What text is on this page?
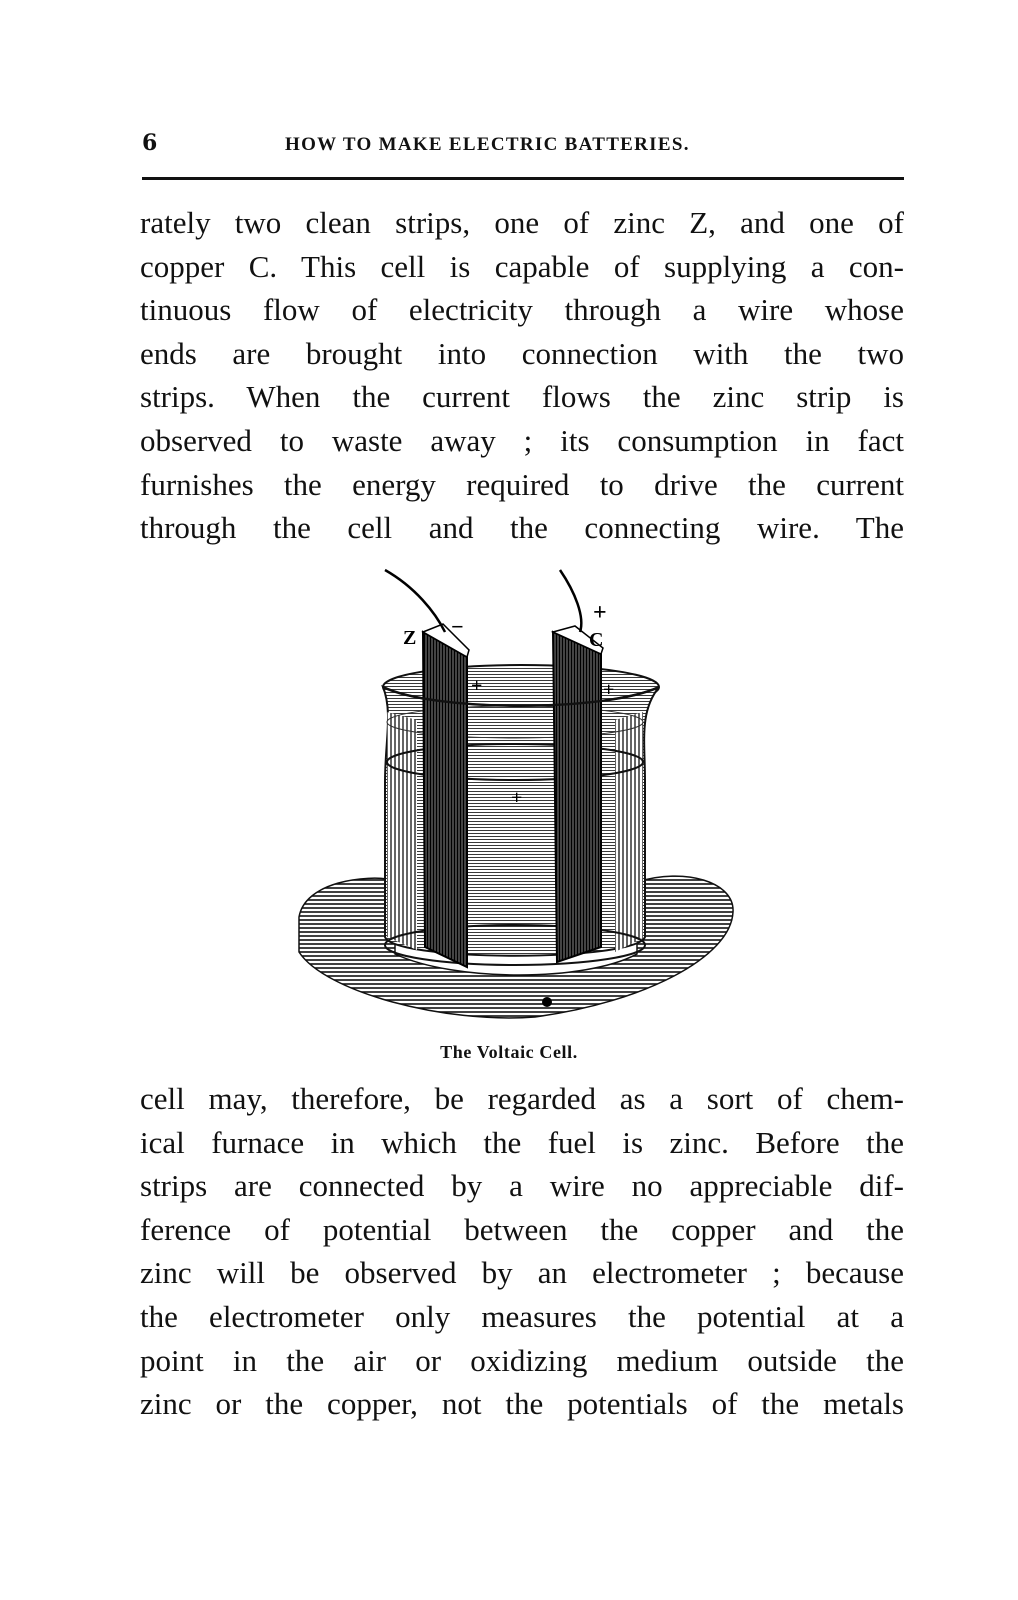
6	HOW TO MAKE ELECTRIC BATTERIES.
rately two clean strips, one of zinc Z, and one of
copper C. This cell is capable of supplying a con-
tinuous flow of electricity through a wire whose
ends are brought into connection with the two
strips. When the current flows the zinc strip is
observed to waste away ; its consumption in fact
furnishes the energy required to drive the current
through the cell and the connecting wire. The
Z −
+
C
+	+
+
The Voltaic Cell.
cell may, therefore, be regarded as a sort of chem-
ical furnace in which the fuel is zinc. Before the
strips are connected by a wire no appreciable dif-
ference of potential between the copper and the
zinc will be observed by an electrometer ; because
the electrometer only measures the potential at a
point in the air or oxidizing medium outside the
zinc or the copper, not the potentials of the metals
